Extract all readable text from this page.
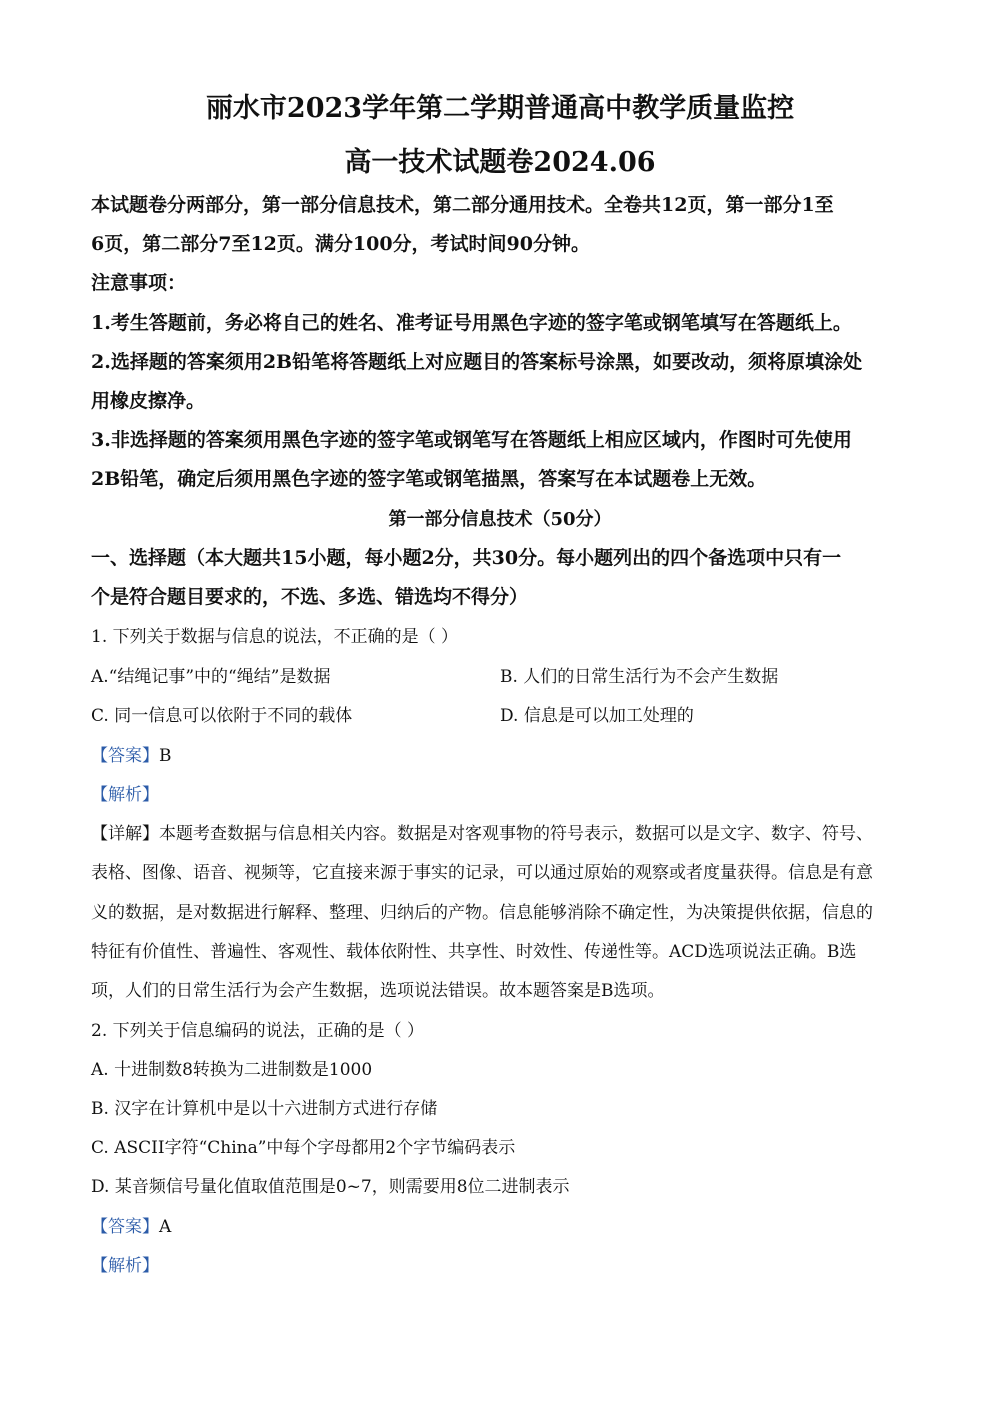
丽水市2023学年第二学期普通高中教学质量监控
高一技术试题卷2024.06
本试题卷分两部分，第一部分信息技术，第二部分通用技术。全卷共12页，第一部分1至
6页，第二部分7至12页。满分100分，考试时间90分钟。
注意事项：
1.考生答题前，务必将自己的姓名、准考证号用黑色字迹的签字笔或钢笔填写在答题纸上。
2.选择题的答案须用2B铅笔将答题纸上对应题目的答案标号涂黑，如要改动，须将原填涂处
用橡皮擦净。
3.非选择题的答案须用黑色字迹的签字笔或钢笔写在答题纸上相应区域内，作图时可先使用
2B铅笔，确定后须用黑色字迹的签字笔或钢笔描黑，答案写在本试题卷上无效。
第一部分信息技术（50分）
一、选择题（本大题共15小题，每小题2分，共30分。每小题列出的四个备选项中只有一
个是符合题目要求的，不选、多选、错选均不得分）
1. 下列关于数据与信息的说法，不正确的是（ ）
A.“结绳记事”中的“绳结”是数据	B. 人们的日常生活行为不会产生数据
C. 同一信息可以依附于不同的载体	D. 信息是可以加工处理的
【答案】B
【解析】
【详解】本题考查数据与信息相关内容。数据是对客观事物的符号表示，数据可以是文字、数字、符号、
表格、图像、语音、视频等，它直接来源于事实的记录，可以通过原始的观察或者度量获得。信息是有意
义的数据，是对数据进行解释、整理、归纳后的产物。信息能够消除不确定性，为决策提供依据，信息的
特征有价值性、普遍性、客观性、载体依附性、共享性、时效性、传递性等。ACD选项说法正确。B选
项，人们的日常生活行为会产生数据，选项说法错误。故本题答案是B选项。
2. 下列关于信息编码的说法，正确的是（ ）
A. 十进制数8转换为二进制数是1000
B. 汉字在计算机中是以十六进制方式进行存储
C. ASCII字符“China”中每个字母都用2个字节编码表示
D. 某音频信号量化值取值范围是0~7，则需要用8位二进制表示
【答案】A
【解析】
